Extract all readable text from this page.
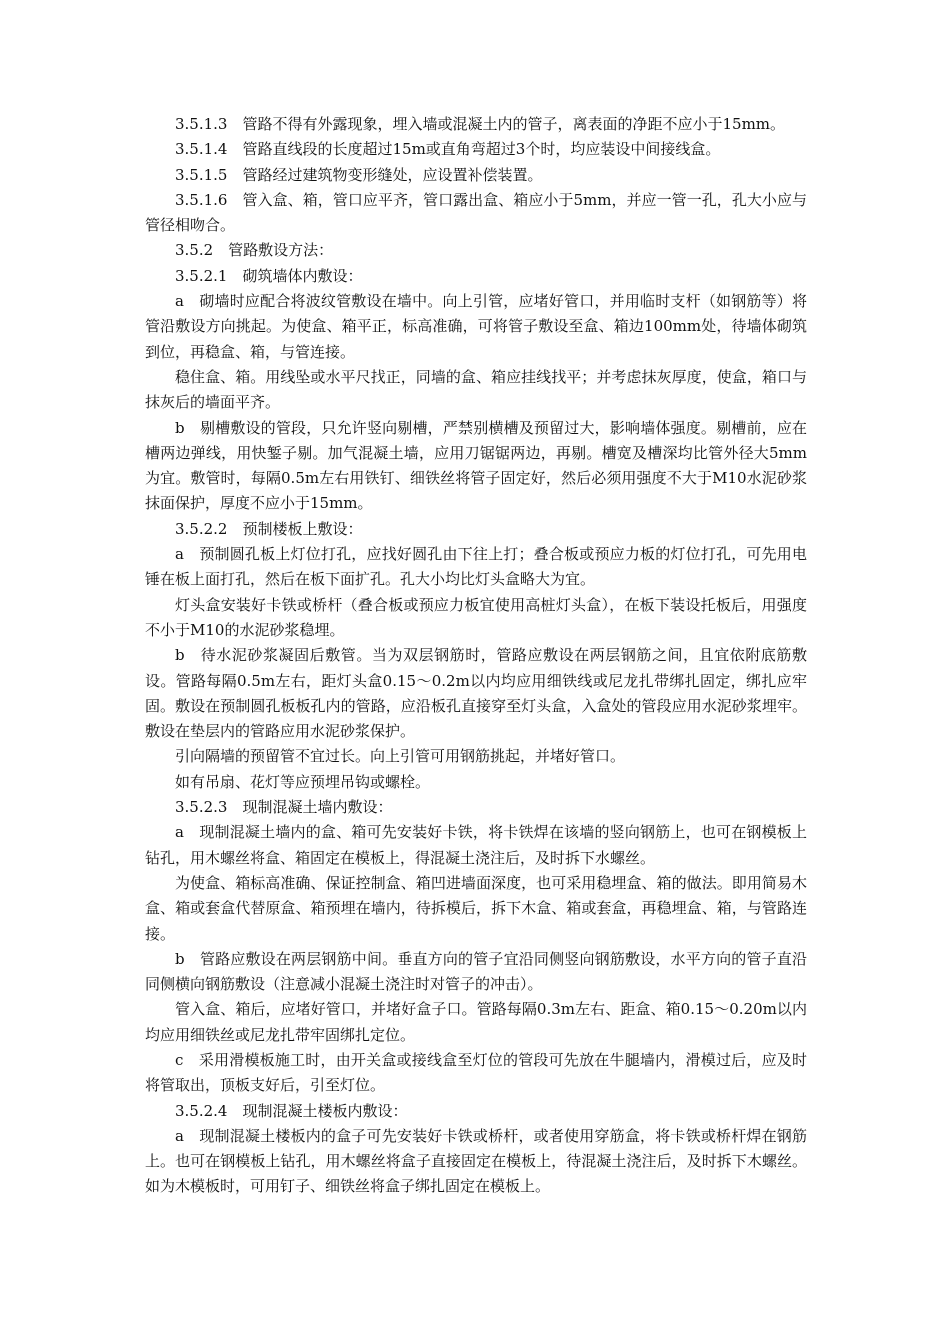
3.5.1.3　管路不得有外露现象，埋入墙或混凝土内的管子，离表面的净距不应小于15mm。

3.5.1.4　管路直线段的长度超过15m或直角弯超过3个时，均应装设中间接线盒。

3.5.1.5　管路经过建筑物变形缝处，应设置补偿装置。

3.5.1.6　管入盒、箱，管口应平齐，管口露出盒、箱应小于5mm，并应一管一孔，孔大小应与管径相吻合。

3.5.2　管路敷设方法：

3.5.2.1　砌筑墙体内敷设：

a　砌墙时应配合将波纹管敷设在墙中。向上引管，应堵好管口，并用临时支杆（如钢筋等）将管沿敷设方向挑起。为使盒、箱平正，标高准确，可将管子敷设至盒、箱边100mm处，待墙体砌筑到位，再稳盒、箱，与管连接。

稳住盒、箱。用线坠或水平尺找正，同墙的盒、箱应挂线找平；并考虑抹灰厚度，使盒，箱口与抹灰后的墙面平齐。

b　剔槽敷设的管段，只允许竖向剔槽，严禁别横槽及预留过大，影响墙体强度。剔槽前，应在槽两边弹线，用快錾子剔。加气混凝土墙，应用刀锯锯两边，再剔。槽宽及槽深均比管外径大5mm为宜。敷管时，每隔0.5m左右用铁钉、细铁丝将管子固定好，然后必须用强度不大于M10水泥砂浆抹面保护，厚度不应小于15mm。

3.5.2.2　预制楼板上敷设：

a　预制圆孔板上灯位打孔，应找好圆孔由下往上打；叠合板或预应力板的灯位打孔，可先用电锤在板上面打孔，然后在板下面扩孔。孔大小均比灯头盒略大为宜。

灯头盒安装好卡铁或桥杆（叠合板或预应力板宜使用高桩灯头盒），在板下装设托板后，用强度不小于M10的水泥砂浆稳埋。

b　待水泥砂浆凝固后敷管。当为双层钢筋时，管路应敷设在两层钢筋之间，且宜依附底筋敷设。管路每隔0.5m左右，距灯头盒0.15～0.2m以内均应用细铁线或尼龙扎带绑扎固定，绑扎应牢固。敷设在预制圆孔板板孔内的管路，应沿板孔直接穿至灯头盒，入盒处的管段应用水泥砂浆埋牢。敷设在垫层内的管路应用水泥砂浆保护。

引向隔墙的预留管不宜过长。向上引管可用钢筋挑起，并堵好管口。

如有吊扇、花灯等应预埋吊钩或螺栓。

3.5.2.3　现制混凝土墙内敷设：

a　现制混凝土墙内的盒、箱可先安装好卡铁，将卡铁焊在该墙的竖向钢筋上，也可在钢模板上钻孔，用木螺丝将盒、箱固定在模板上，得混凝土浇注后，及时拆下水螺丝。

为使盒、箱标高准确、保证控制盒、箱凹进墙面深度，也可采用稳埋盒、箱的做法。即用简易木盒、箱或套盒代替原盒、箱预埋在墙内，待拆模后，拆下木盒、箱或套盒，再稳埋盒、箱，与管路连接。

b　管路应敷设在两层钢筋中间。垂直方向的管子宜沿同侧竖向钢筋敷设，水平方向的管子直沿同侧横向钢筋敷设（注意减小混凝土浇注时对管子的冲击）。

管入盒、箱后，应堵好管口，并堵好盒子口。管路每隔0.3m左右、距盒、箱0.15～0.20m以内均应用细铁丝或尼龙扎带牢固绑扎定位。

c　采用滑模板施工时，由开关盒或接线盒至灯位的管段可先放在牛腿墙内，滑模过后，应及时将管取出，顶板支好后，引至灯位。

3.5.2.4　现制混凝土楼板内敷设：

a　现制混凝土楼板内的盒子可先安装好卡铁或桥杆，或者使用穿筋盒，将卡铁或桥杆焊在钢筋上。也可在钢模板上钻孔，用木螺丝将盒子直接固定在模板上，待混凝土浇注后，及时拆下木螺丝。如为木模板时，可用钉子、细铁丝将盒子绑扎固定在模板上。
